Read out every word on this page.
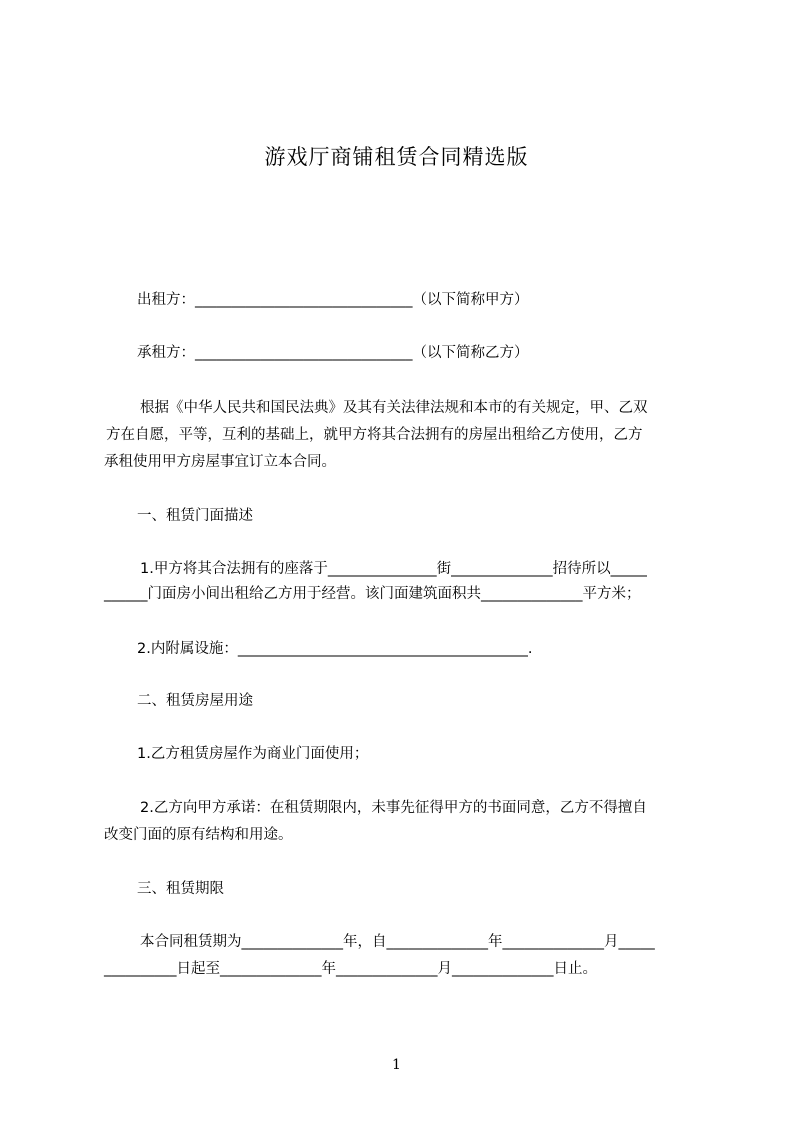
游戏厅商铺租赁合同精选版
出租方：______________________________（以下简称甲方）
承租方：______________________________（以下简称乙方）
根据《中华人民共和国民法典》及其有关法律法规和本市的有关规定，甲、乙双
方在自愿，平等，互利的基础上，就甲方将其合法拥有的房屋出租给乙方使用，乙方
承租使用甲方房屋事宜订立本合同。
一、租赁门面描述
1.甲方将其合法拥有的座落于_______________街______________招待所以_____
______门面房小间出租给乙方用于经营。该门面建筑面积共______________平方米；
2.内附属设施：________________________________________.
二、租赁房屋用途
1.乙方租赁房屋作为商业门面使用；
2.乙方向甲方承诺：在租赁期限内，未事先征得甲方的书面同意，乙方不得擅自
改变门面的原有结构和用途。
三、租赁期限
本合同租赁期为______________年，自______________年______________月_____
__________日起至______________年______________月______________日止。
1
